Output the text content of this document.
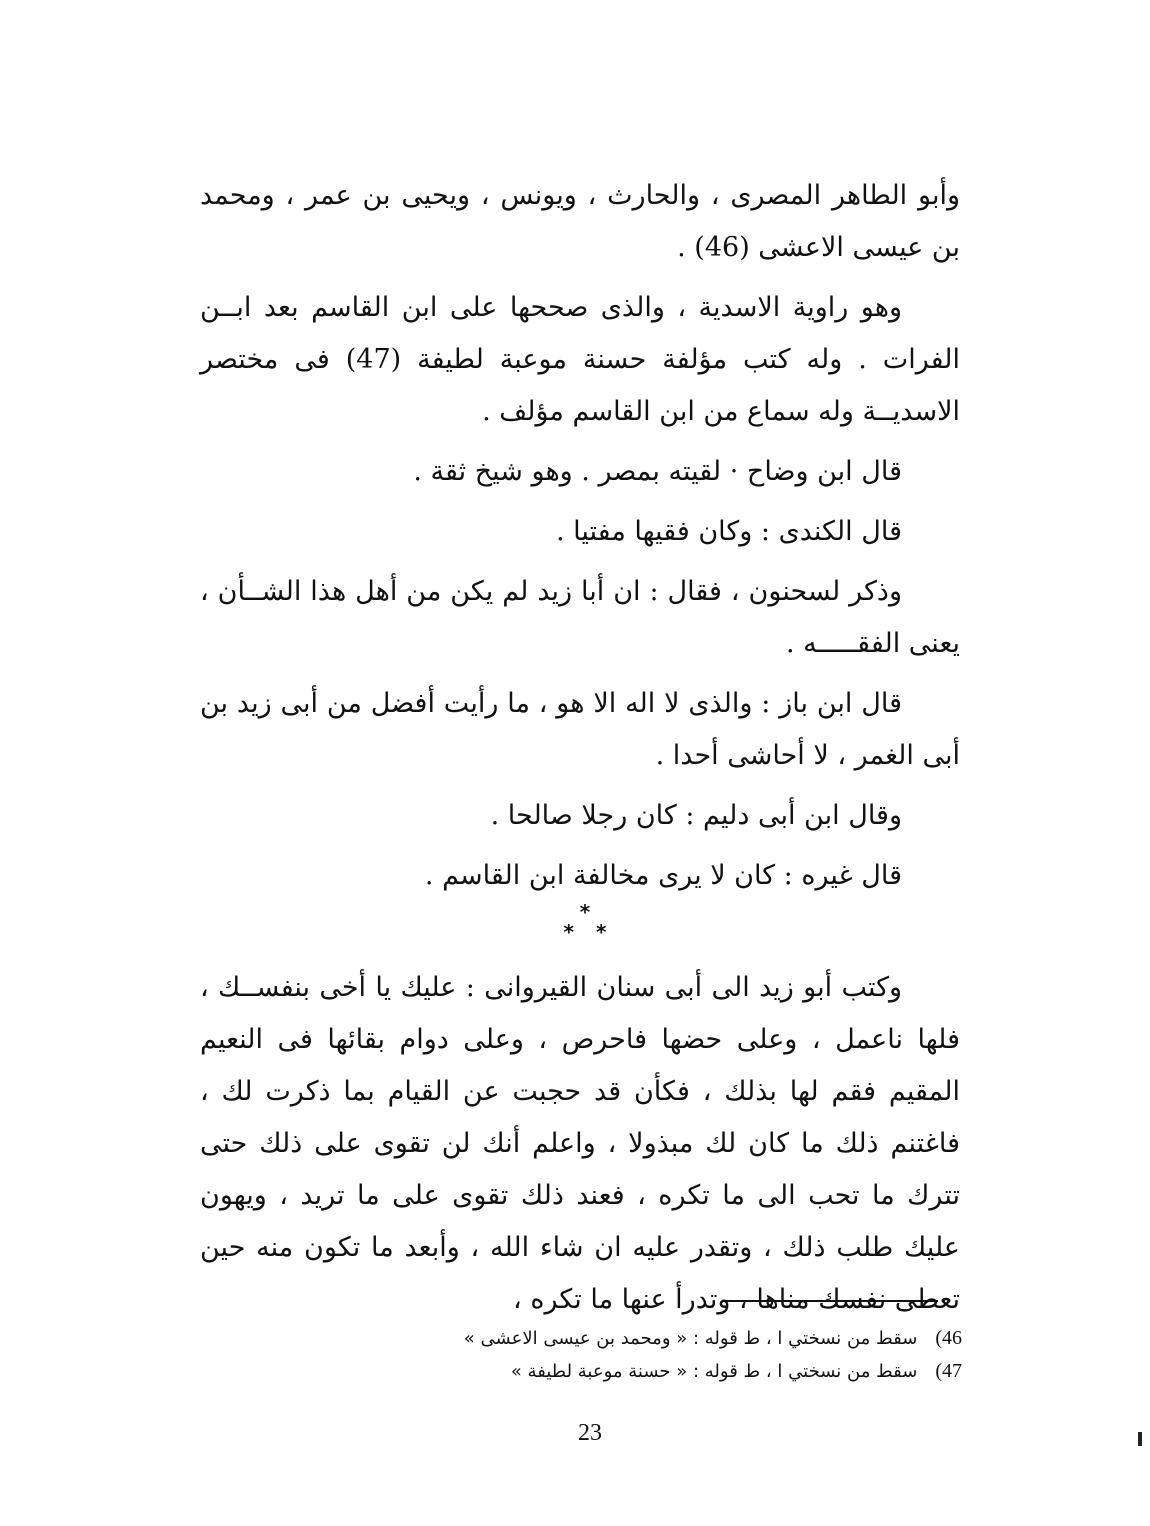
وأبو الطاهر المصرى ، والحارث ، ويونس ، ويحيى بن عمر ، ومحمد بن عيسى الاعشى (46) .

وهو راوية الاسدية ، والذى صححها على ابن القاسم بعد ابــن الفرات . وله كتب مؤلفة حسنة موعبة لطيفة (47) فى مختصر الاسديــة وله سماع من ابن القاسم مؤلف .

قال ابن وضاح · لقيته بمصر . وهو شيخ ثقة .

قال الكندى : وكان فقيها مفتيا .

وذكر لسحنون ، فقال : ان أبا زيد لم يكن من أهل هذا الشــأن ، يعنى الفقـــــه .

قال ابن باز : والذى لا اله الا هو ، ما رأيت أفضل من أبى زيد بن أبى الغمر ، لا أحاشى أحدا .

وقال ابن أبى دليم : كان رجلا صالحا .

قال غيره : كان لا يرى مخالفة ابن القاسم .

*
**

وكتب أبو زيد الى أبى سنان القيروانى : عليك يا أخى بنفســك ، فلها ناعمل ، وعلى حضها فاحرص ، وعلى دوام بقائها فى النعيم المقيم فقم لها بذلك ، فكأن قد حجبت عن القيام بما ذكرت لك ، فاغتنم ذلك ما كان لك مبذولا ، واعلم أنك لن تقوى على ذلك حتى تترك ما تحب الى ما تكره ، فعند ذلك تقوى على ما تريد ، ويهون عليك طلب ذلك ، وتقدر عليه ان شاء الله ، وأبعد ما تكون منه حين تعطى نفسك مناها ، وتدرأ عنها ما تكره ،

46)سقط من نسختي ا ، ط قوله : « ومحمد بن عيسى الاعشى »
47)سقط من نسختي ا ، ط قوله : « حسنة موعبة لطيفة »
23
